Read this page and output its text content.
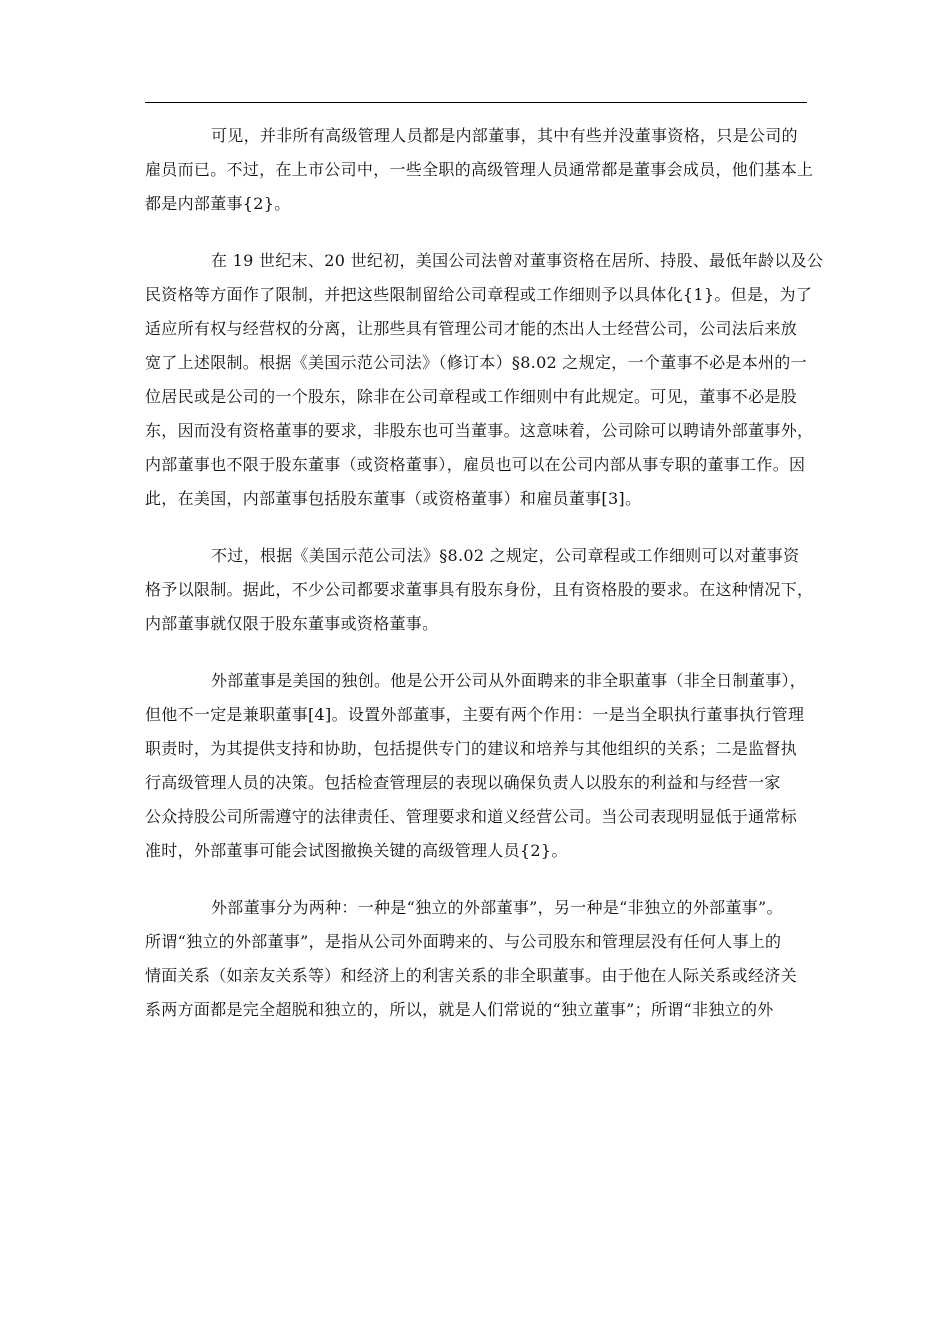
可见，并非所有高级管理人员都是内部董事，其中有些并没董事资格，只是公司的
雇员而已。不过，在上市公司中，一些全职的高级管理人员通常都是董事会成员，他们基本上
都是内部董事{2}。
在 19 世纪末、20 世纪初，美国公司法曾对董事资格在居所、持股、最低年龄以及公
民资格等方面作了限制，并把这些限制留给公司章程或工作细则予以具体化{1}。但是，为了
适应所有权与经营权的分离，让那些具有管理公司才能的杰出人士经营公司，公司法后来放
宽了上述限制。根据《美国示范公司法》（修订本）§8.02 之规定，一个董事不必是本州的一
位居民或是公司的一个股东，除非在公司章程或工作细则中有此规定。可见，董事不必是股
东，因而没有资格董事的要求，非股东也可当董事。这意味着，公司除可以聘请外部董事外，
内部董事也不限于股东董事（或资格董事），雇员也可以在公司内部从事专职的董事工作。因
此，在美国，内部董事包括股东董事（或资格董事）和雇员董事[3]。
不过，根据《美国示范公司法》§8.02 之规定，公司章程或工作细则可以对董事资
格予以限制。据此，不少公司都要求董事具有股东身份，且有资格股的要求。在这种情况下，
内部董事就仅限于股东董事或资格董事。
外部董事是美国的独创。他是公开公司从外面聘来的非全职董事（非全日制董事），
但他不一定是兼职董事[4]。设置外部董事，主要有两个作用：一是当全职执行董事执行管理
职责时，为其提供支持和协助，包括提供专门的建议和培养与其他组织的关系；二是监督执
行高级管理人员的决策。包括检查管理层的表现以确保负责人以股东的利益和与经营一家
公众持股公司所需遵守的法律责任、管理要求和道义经营公司。当公司表现明显低于通常标
准时，外部董事可能会试图撤换关键的高级管理人员{2}。
外部董事分为两种：一种是“独立的外部董事”，另一种是“非独立的外部董事”。
所谓“独立的外部董事”，是指从公司外面聘来的、与公司股东和管理层没有任何人事上的
情面关系（如亲友关系等）和经济上的利害关系的非全职董事。由于他在人际关系或经济关
系两方面都是完全超脱和独立的，所以，就是人们常说的“独立董事”；所谓“非独立的外
